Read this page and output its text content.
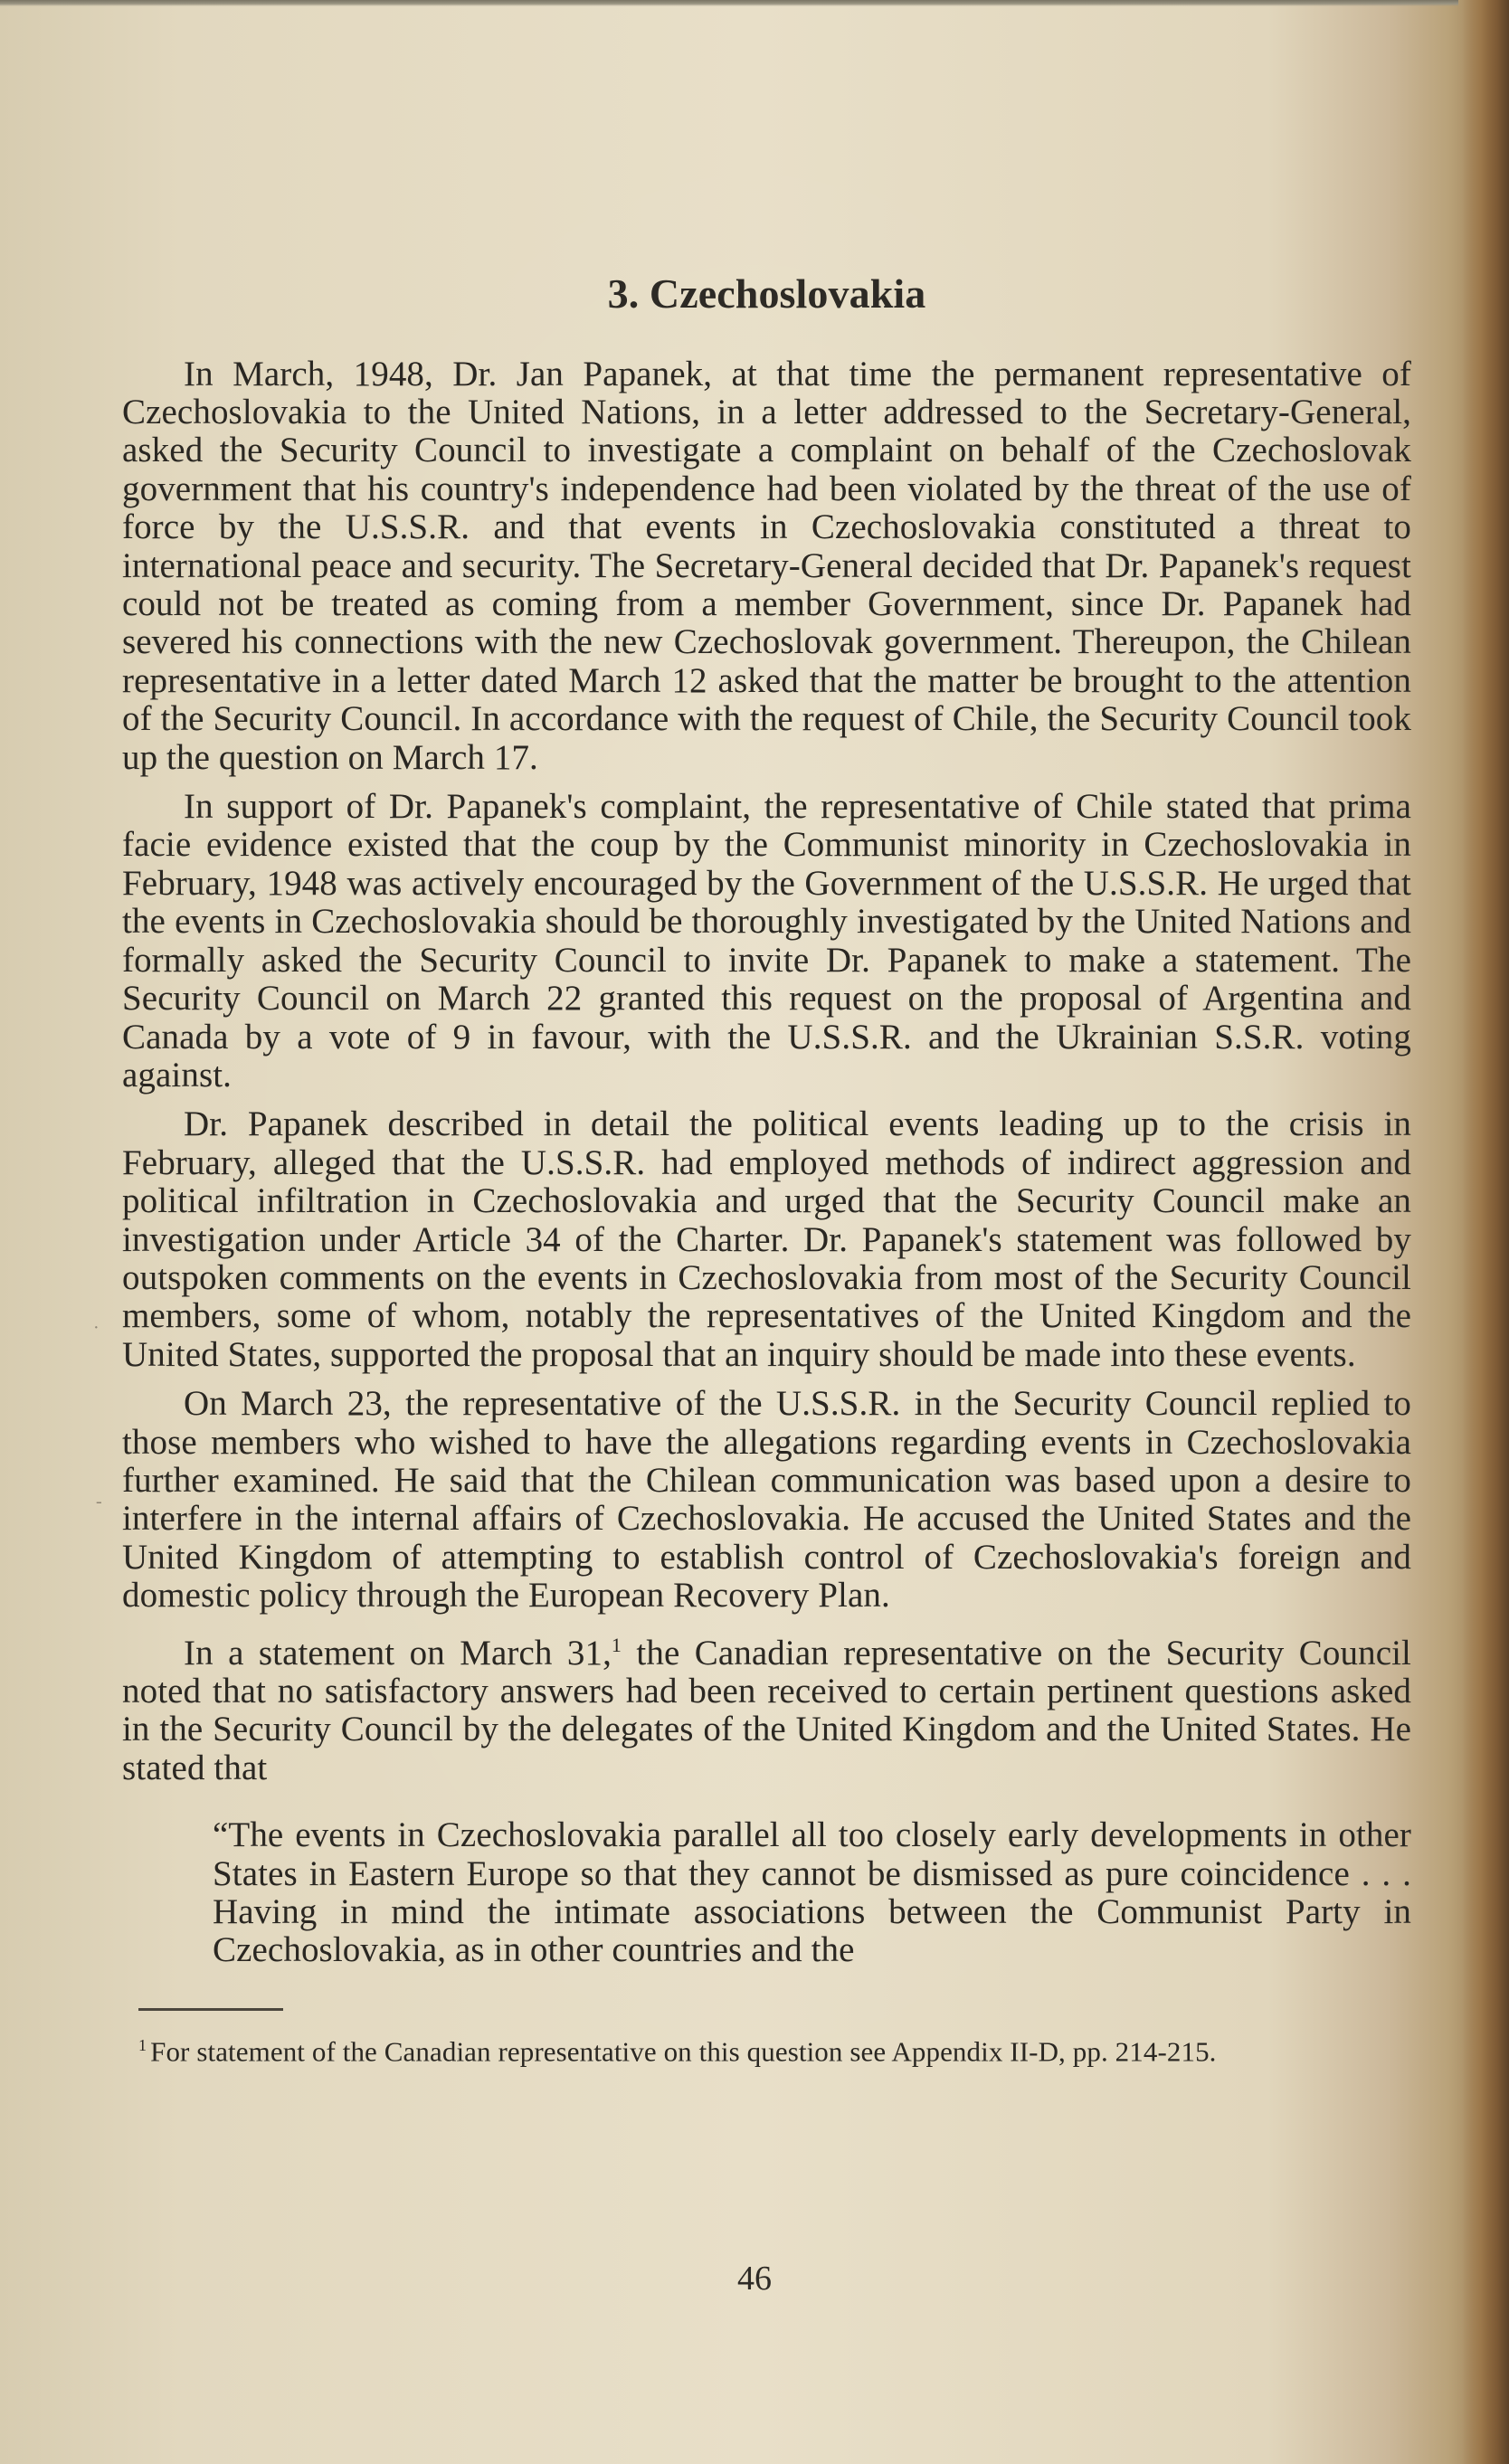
3. Czechoslovakia

In March, 1948, Dr. Jan Papanek, at that time the permanent representative of Czechoslovakia to the United Nations, in a letter addressed to the Secretary-General, asked the Security Council to investigate a complaint on behalf of the Czechoslovak government that his country's independence had been violated by the threat of the use of force by the U.S.S.R. and that events in Czechoslovakia constituted a threat to international peace and security. The Secretary-General decided that Dr. Papanek's request could not be treated as coming from a member Government, since Dr. Papanek had severed his connections with the new Czechoslovak government. Thereupon, the Chilean representative in a letter dated March 12 asked that the matter be brought to the attention of the Security Council. In accordance with the request of Chile, the Security Council took up the question on March 17.

In support of Dr. Papanek's complaint, the representative of Chile stated that prima facie evidence existed that the coup by the Communist minority in Czechoslovakia in February, 1948 was actively encouraged by the Government of the U.S.S.R. He urged that the events in Czechoslovakia should be thoroughly investigated by the United Nations and formally asked the Security Council to invite Dr. Papanek to make a statement. The Security Council on March 22 granted this request on the proposal of Argentina and Canada by a vote of 9 in favour, with the U.S.S.R. and the Ukrainian S.S.R. voting against.

Dr. Papanek described in detail the political events leading up to the crisis in February, alleged that the U.S.S.R. had employed methods of indirect aggression and political infiltration in Czechoslovakia and urged that the Security Council make an investigation under Article 34 of the Charter. Dr. Papanek's statement was followed by outspoken comments on the events in Czechoslovakia from most of the Security Council members, some of whom, notably the representatives of the United Kingdom and the United States, supported the proposal that an inquiry should be made into these events.

On March 23, the representative of the U.S.S.R. in the Security Council replied to those members who wished to have the allegations regarding events in Czechoslovakia further examined. He said that the Chilean communication was based upon a desire to interfere in the internal affairs of Czechoslovakia. He accused the United States and the United Kingdom of attempting to establish control of Czechoslovakia's foreign and domestic policy through the European Recovery Plan.

In a statement on March 31,$^1$ the Canadian representative on the Security Council noted that no satisfactory answers had been received to certain pertinent questions asked in the Security Council by the delegates of the United Kingdom and the United States. He stated that

“The events in Czechoslovakia parallel all too closely early developments in other States in Eastern Europe so that they cannot be dismissed as pure coincidence . . . Having in mind the intimate associations between the Communist Party in Czechoslovakia, as in other countries and the

$^1$ For statement of the Canadian representative on this question see Appendix II-D, pp. 214-215.

46
·
-
